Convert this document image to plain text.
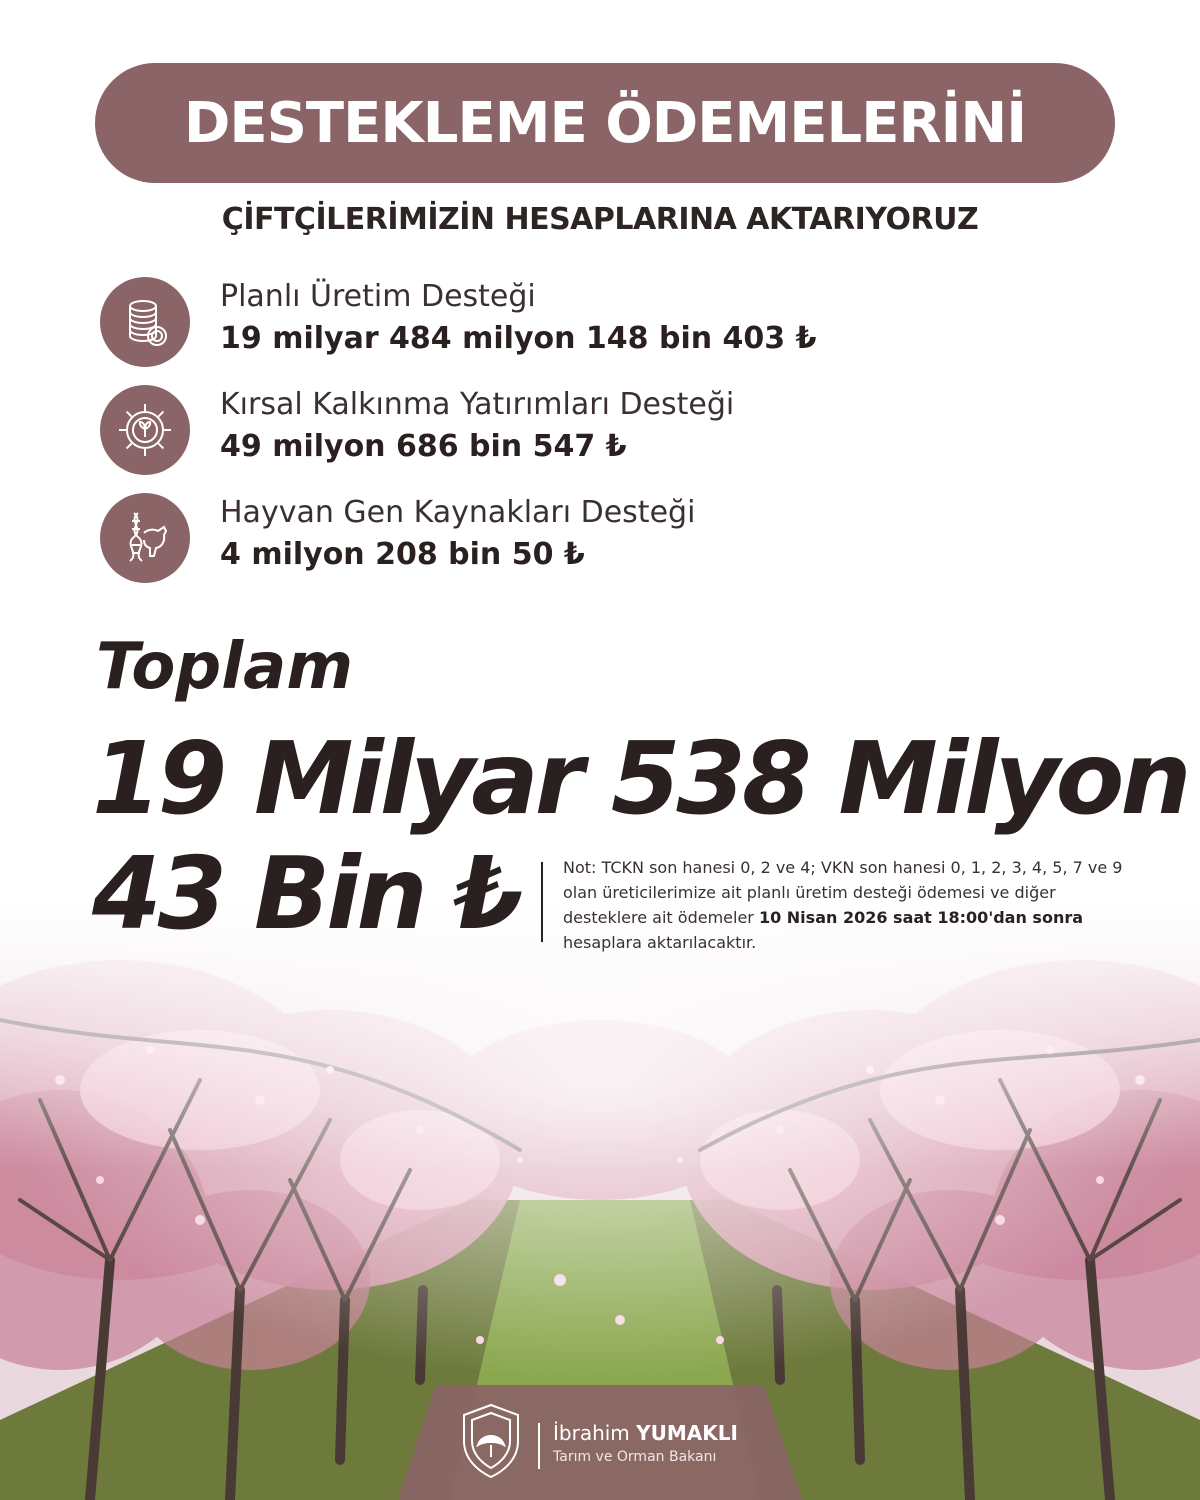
DESTEKLEME ÖDEMELERİNİ
ÇİFTÇİLERİMİZİN HESAPLARINA AKTARIYORUZ
Planlı Üretim Desteği
19 milyar 484 milyon 148 bin 403 ₺
Kırsal Kalkınma Yatırımları Desteği
49 milyon 686 bin 547 ₺
Hayvan Gen Kaynakları Desteği
4 milyon 208 bin 50 ₺
Toplam
19 Milyar 538 Milyon
43 Bin ₺	Not: TCKN son hanesi 0, 2 ve 4; VKN son hanesi 0, 1, 2, 3, 4, 5, 7 ve 9 olan üreticilerimize ait planlı üretim desteği ödemesi ve diğer desteklere ait ödemeler 10 Nisan 2026 saat 18:00'dan sonra hesaplara aktarılacaktır.
İbrahim YUMAKLI
Tarım ve Orman Bakanı
